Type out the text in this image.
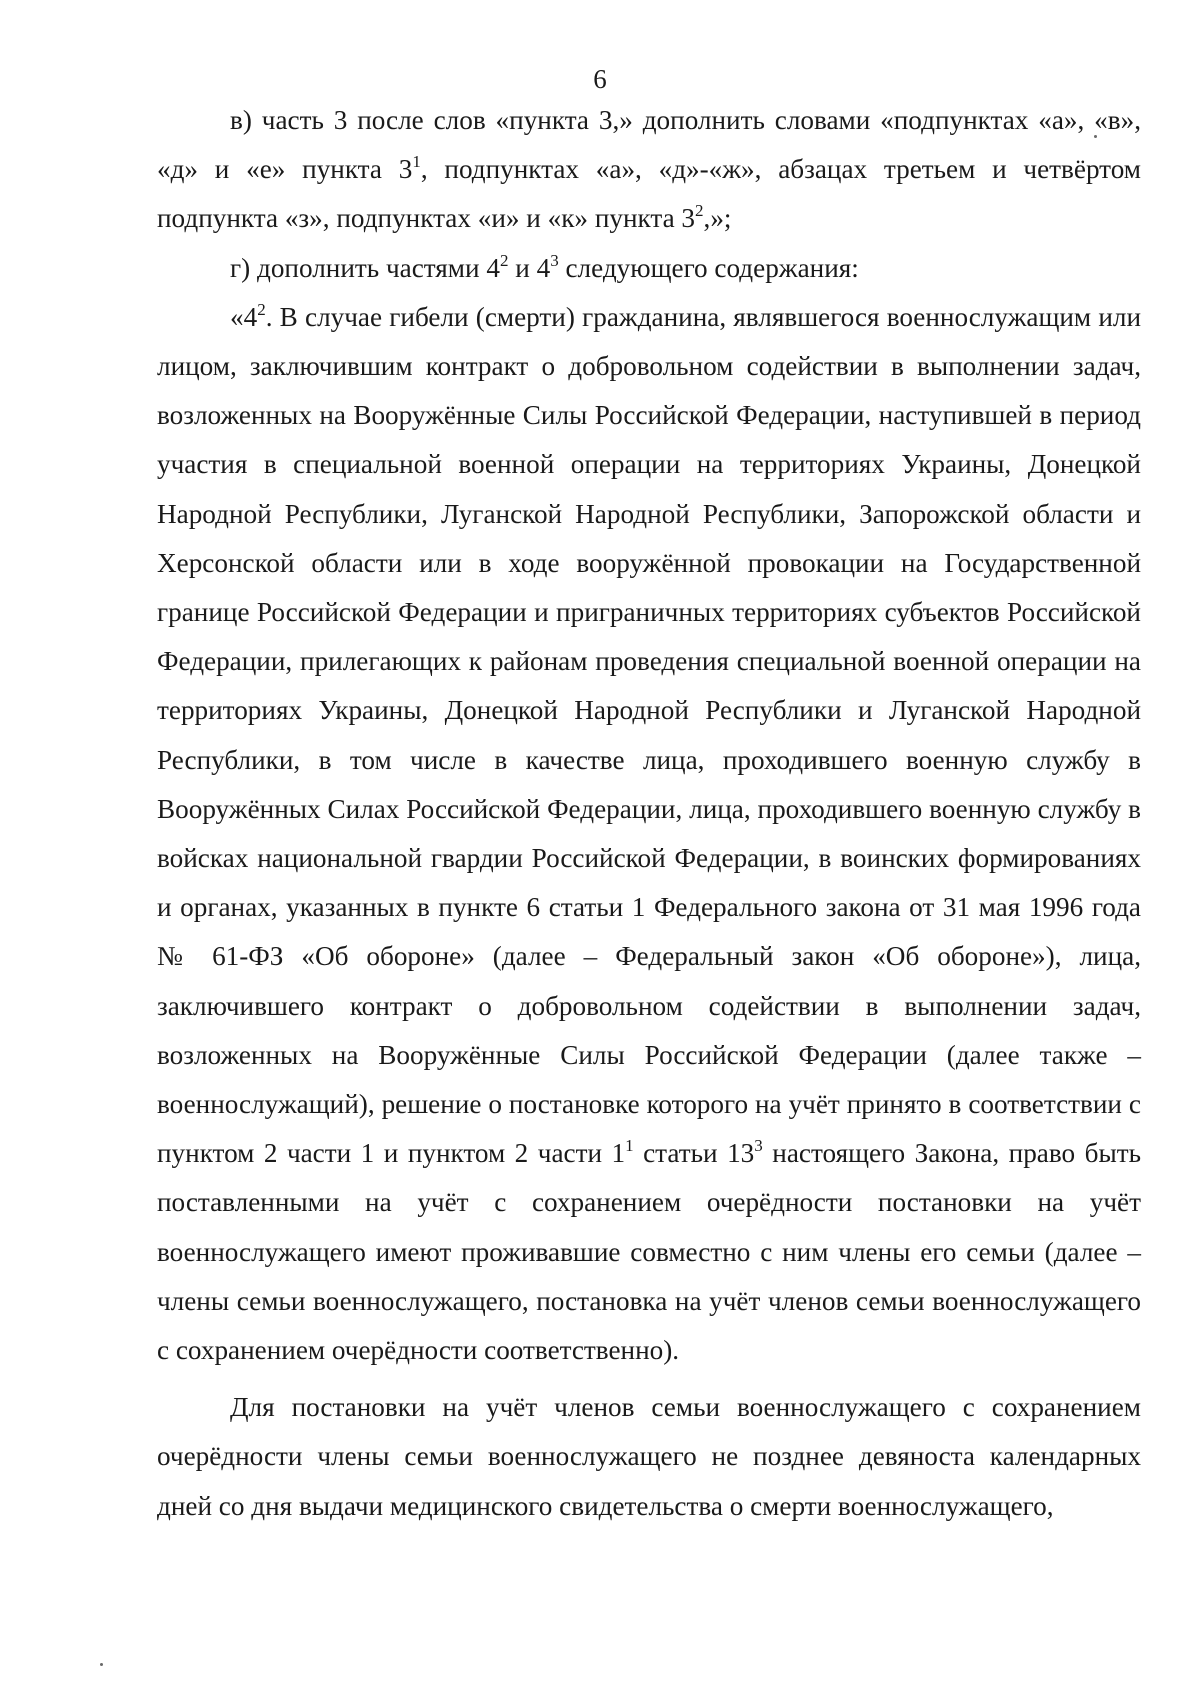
6

в) часть 3 после слов «пункта 3,» дополнить словами «подпунктах «а», «в», «д» и «е» пункта $3^1$, подпунктах «а», «д»-«ж», абзацах третьем и четвёртом подпункта «з», подпунктах «и» и «к» пункта $3^2$,»;

г) дополнить частями $4^2$ и $4^3$ следующего содержания:

«$4^2$. В случае гибели (смерти) гражданина, являвшегося военнослужащим или лицом, заключившим контракт о добровольном содействии в выполнении задач, возложенных на Вооружённые Силы Российской Федерации, наступившей в период участия в специальной военной операции на территориях Украины, Донецкой Народной Республики, Луганской Народной Республики, Запорожской области и Херсонской области или в ходе вооружённой провокации на Государственной границе Российской Федерации и приграничных территориях субъектов Российской Федерации, прилегающих к районам проведения специальной военной операции на территориях Украины, Донецкой Народной Республики и Луганской Народной Республики, в том числе в качестве лица, проходившего военную службу в Вооружённых Силах Российской Федерации, лица, проходившего военную службу в войсках национальной гвардии Российской Федерации, в воинских формированиях и органах, указанных в пункте 6 статьи 1 Федерального закона от 31 мая 1996 года № 61-ФЗ «Об обороне» (далее – Федеральный закон «Об обороне»), лица, заключившего контракт о добровольном содействии в выполнении задач, возложенных на Вооружённые Силы Российской Федерации (далее также – военнослужащий), решение о постановке которого на учёт принято в соответствии с пунктом 2 части 1 и пунктом 2 части $1^1$ статьи $13^3$ настоящего Закона, право быть поставленными на учёт с сохранением очерёдности постановки на учёт военнослужащего имеют проживавшие совместно с ним члены его семьи (далее – члены семьи военнослужащего, постановка на учёт членов семьи военнослужащего с сохранением очерёдности соответственно).

Для постановки на учёт членов семьи военнослужащего с сохранением очерёдности члены семьи военнослужащего не позднее девяноста календарных дней со дня выдачи медицинского свидетельства о смерти военнослужащего,
